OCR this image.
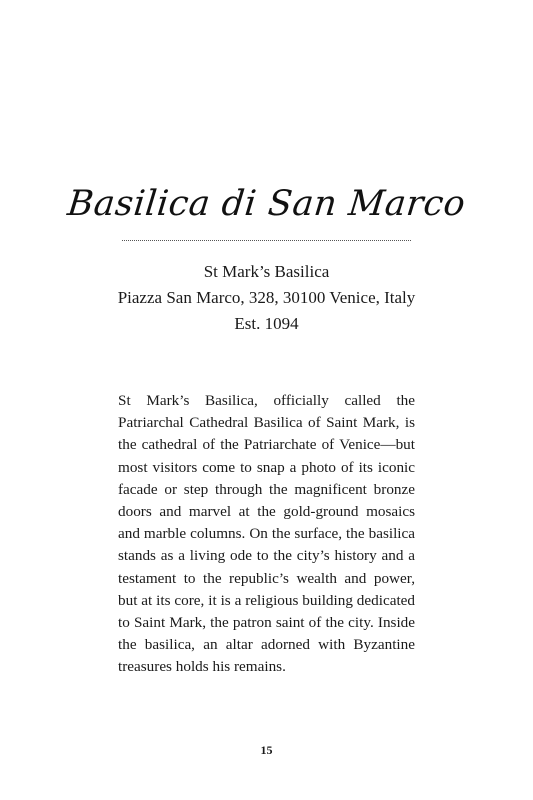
Basilica di San Marco
St Mark’s Basilica
Piazza San Marco, 328, 30100 Venice, Italy
Est. 1094
St Mark’s Basilica, officially called the Patriarchal Cathedral Basilica of Saint Mark, is the cathedral of the Patriarchate of Venice—but most visitors come to snap a photo of its iconic facade or step through the magnificent bronze doors and marvel at the gold-ground mosaics and marble columns. On the surface, the basilica stands as a living ode to the city’s history and a testament to the republic’s wealth and power, but at its core, it is a religious building dedicated to Saint Mark, the patron saint of the city. Inside the basilica, an altar adorned with Byzantine treasures holds his remains.
15
